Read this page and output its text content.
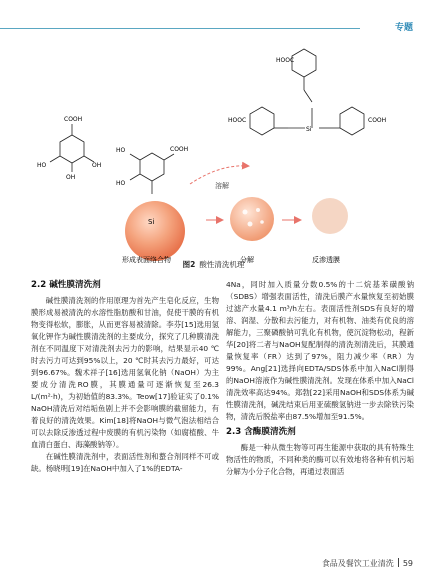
专题
COOH
HO	OH
OH
COOH
HO
HO
Si
溶解
HOOC
Si
HOOC	COOH
形成表面络合物	分解	反渗透膜
图2 酸性清洗机理
2.2 碱性膜清洗剂

碱性膜清洗剂的作用原理为首先产生皂化反应，生物膜形成易被清洗的水溶性脂肪酸和甘油，促使干膜的有机物变得松软，膨胀，从而更容易被清除。李芬[15]选用氢氧化钾作为碱性膜清洗剂的主要成分，探究了几种膜清洗剂在不同温度下对清洗剂去污力的影响，结果显示40 ℃时去污力可达到95%以上，20 ℃时其去污力最好，可达到96.67%。魏术祥子[16]选用氢氧化钠（NaOH）为主要成分清洗RO膜，其膜通量可逐渐恢复至26.3 L/(m²·h)，为初始值的83.3%。Teow[17]验证实了0.1% NaOH清洗后对结垢鱼剧上并不会影响膜的截留能力，有着良好的清洗效果。Kim[18]将NaOH与微气泡法相结合可以去除反渗透过程中废膜的有机污染物（如腐植酸、牛血清白蛋白、海藻酸钠等）。

在碱性膜清洗剂中，表面活性剂和螯合剂同样不可或缺。杨晓明[19]在NaOH中加入了1%的EDTA-

4Na，同时加入质量分数0.5%的十二烷基苯磺酸钠（SDBS）增强表面活性，清洗后膜产水量恢复至初始膜过滤产水量4.1 m³/h左右。表面活性剂SDS有良好的增溶、润湿、分散和去污能力，对有机物、油类有优良的溶解能力，三聚磷酸钠可乳化有机物，使沉淀物松动，程新华[20]将二者与NaOH复配制得的清洗剂清洗后，其膜通量恢复率（FR）达到了97%，阻力减少率（RR）为99%。Ang[21]选择向EDTA/SDS体系中加入NaCl制得的NaOH溶液作为碱性膜清洗剂。发现在体系中加入NaCl清洗效率高达94%。郑勃[22]采用NaOH和SDS体系为碱性膜清洗剂，碱洗结束后用亚硫酸氢钠进一步去除铁污染物，清洗后脱盐率由87.5%增加至91.5%。

2.3 含酶膜清洗剂

酶是一种从微生物等可再生能源中获取的具有特殊生物活性的物质，不同种类的酶可以有效地将各种有机污垢分解为小分子化合物，再通过表面活

食品及餐饮工业清洗 59
